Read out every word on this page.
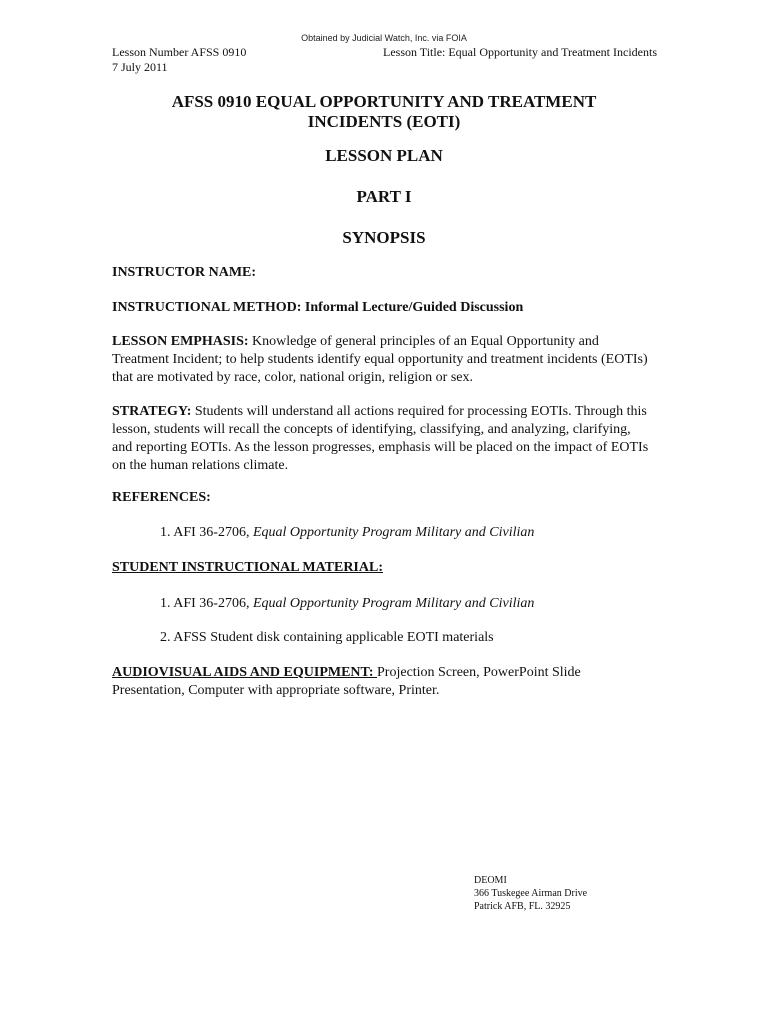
Obtained by Judicial Watch, Inc. via FOIA
Lesson Number AFSS 0910
7 July 2011
Lesson Title: Equal Opportunity and Treatment Incidents
AFSS 0910 EQUAL OPPORTUNITY AND TREATMENT
INCIDENTS (EOTI)
LESSON PLAN
PART I
SYNOPSIS
INSTRUCTOR NAME:
INSTRUCTIONAL METHOD: Informal Lecture/Guided Discussion
LESSON EMPHASIS: Knowledge of general principles of an Equal Opportunity and Treatment Incident; to help students identify equal opportunity and treatment incidents (EOTIs) that are motivated by race, color, national origin, religion or sex.
STRATEGY: Students will understand all actions required for processing EOTIs. Through this lesson, students will recall the concepts of identifying, classifying, and analyzing, clarifying, and reporting EOTIs. As the lesson progresses, emphasis will be placed on the impact of EOTIs on the human relations climate.
REFERENCES:
1. AFI 36-2706, Equal Opportunity Program Military and Civilian
STUDENT INSTRUCTIONAL MATERIAL:
1. AFI 36-2706, Equal Opportunity Program Military and Civilian
2. AFSS Student disk containing applicable EOTI materials
AUDIOVISUAL AIDS AND EQUIPMENT: Projection Screen, PowerPoint Slide Presentation, Computer with appropriate software, Printer.
DEOMI
366 Tuskegee Airman Drive
Patrick AFB, FL. 32925
